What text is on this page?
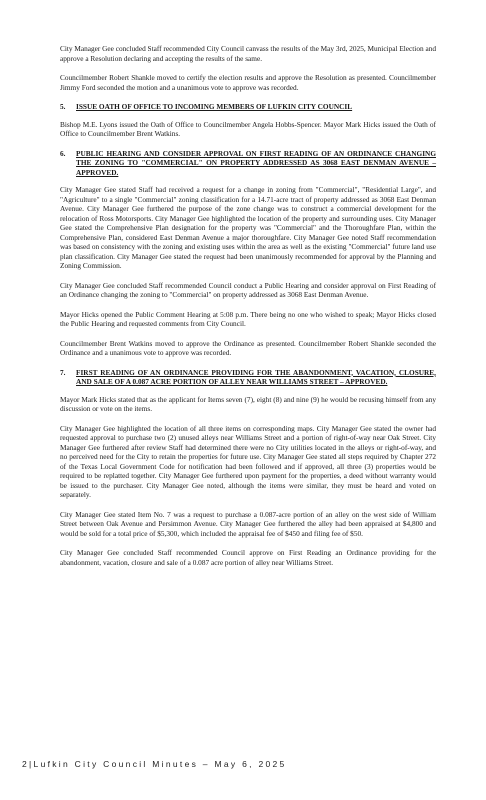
City Manager Gee concluded Staff recommended City Council canvass the results of the May 3rd, 2025, Municipal Election and approve a Resolution declaring and accepting the results of the same.

Councilmember Robert Shankle moved to certify the election results and approve the Resolution as presented. Councilmember Jimmy Ford seconded the motion and a unanimous vote to approve was recorded.

5.	ISSUE OATH OF OFFICE TO INCOMING MEMBERS OF LUFKIN CITY COUNCIL

Bishop M.E. Lyons issued the Oath of Office to Councilmember Angela Hobbs-Spencer. Mayor Mark Hicks issued the Oath of Office to Councilmember Brent Watkins.

6.	PUBLIC HEARING AND CONSIDER APPROVAL ON FIRST READING OF AN ORDINANCE CHANGING THE ZONING TO "COMMERCIAL" ON PROPERTY ADDRESSED AS 3068 EAST DENMAN AVENUE – APPROVED.

City Manager Gee stated Staff had received a request for a change in zoning from "Commercial", "Residential Large", and "Agriculture" to a single "Commercial" zoning classification for a 14.71-acre tract of property addressed as 3068 East Denman Avenue. City Manager Gee furthered the purpose of the zone change was to construct a commercial development for the relocation of Ross Motorsports. City Manager Gee highlighted the location of the property and surrounding uses. City Manager Gee stated the Comprehensive Plan designation for the property was "Commercial" and the Thoroughfare Plan, within the Comprehensive Plan, considered East Denman Avenue a major thoroughfare. City Manager Gee noted Staff recommendation was based on consistency with the zoning and existing uses within the area as well as the existing "Commercial" future land use plan classification. City Manager Gee stated the request had been unanimously recommended for approval by the Planning and Zoning Commission.

City Manager Gee concluded Staff recommended Council conduct a Public Hearing and consider approval on First Reading of an Ordinance changing the zoning to "Commercial" on property addressed as 3068 East Denman Avenue.

Mayor Hicks opened the Public Comment Hearing at 5:08 p.m. There being no one who wished to speak; Mayor Hicks closed the Public Hearing and requested comments from City Council.

Councilmember Brent Watkins moved to approve the Ordinance as presented. Councilmember Robert Shankle seconded the Ordinance and a unanimous vote to approve was recorded.

7.	FIRST READING OF AN ORDINANCE PROVIDING FOR THE ABANDONMENT, VACATION, CLOSURE, AND SALE OF A 0.087 ACRE PORTION OF ALLEY NEAR WILLIAMS STREET – APPROVED.

Mayor Mark Hicks stated that as the applicant for Items seven (7), eight (8) and nine (9) he would be recusing himself from any discussion or vote on the items.

City Manager Gee highlighted the location of all three items on corresponding maps. City Manager Gee stated the owner had requested approval to purchase two (2) unused alleys near Williams Street and a portion of right-of-way near Oak Street. City Manager Gee furthered after review Staff had determined there were no City utilities located in the alleys or right-of-way, and no perceived need for the City to retain the properties for future use. City Manager Gee stated all steps required by Chapter 272 of the Texas Local Government Code for notification had been followed and if approved, all three (3) properties would be required to be replatted together. City Manager Gee furthered upon payment for the properties, a deed without warranty would be issued to the purchaser. City Manager Gee noted, although the items were similar, they must be heard and voted on separately.

City Manager Gee stated Item No. 7 was a request to purchase a 0.087-acre portion of an alley on the west side of William Street between Oak Avenue and Persimmon Avenue. City Manager Gee furthered the alley had been appraised at $4,800 and would be sold for a total price of $5,300, which included the appraisal fee of $450 and filing fee of $50.

City Manager Gee concluded Staff recommended Council approve on First Reading an Ordinance providing for the abandonment, vacation, closure and sale of a 0.087 acre portion of alley near Williams Street.

2|Lufkin City Council Minutes – May 6, 2025
